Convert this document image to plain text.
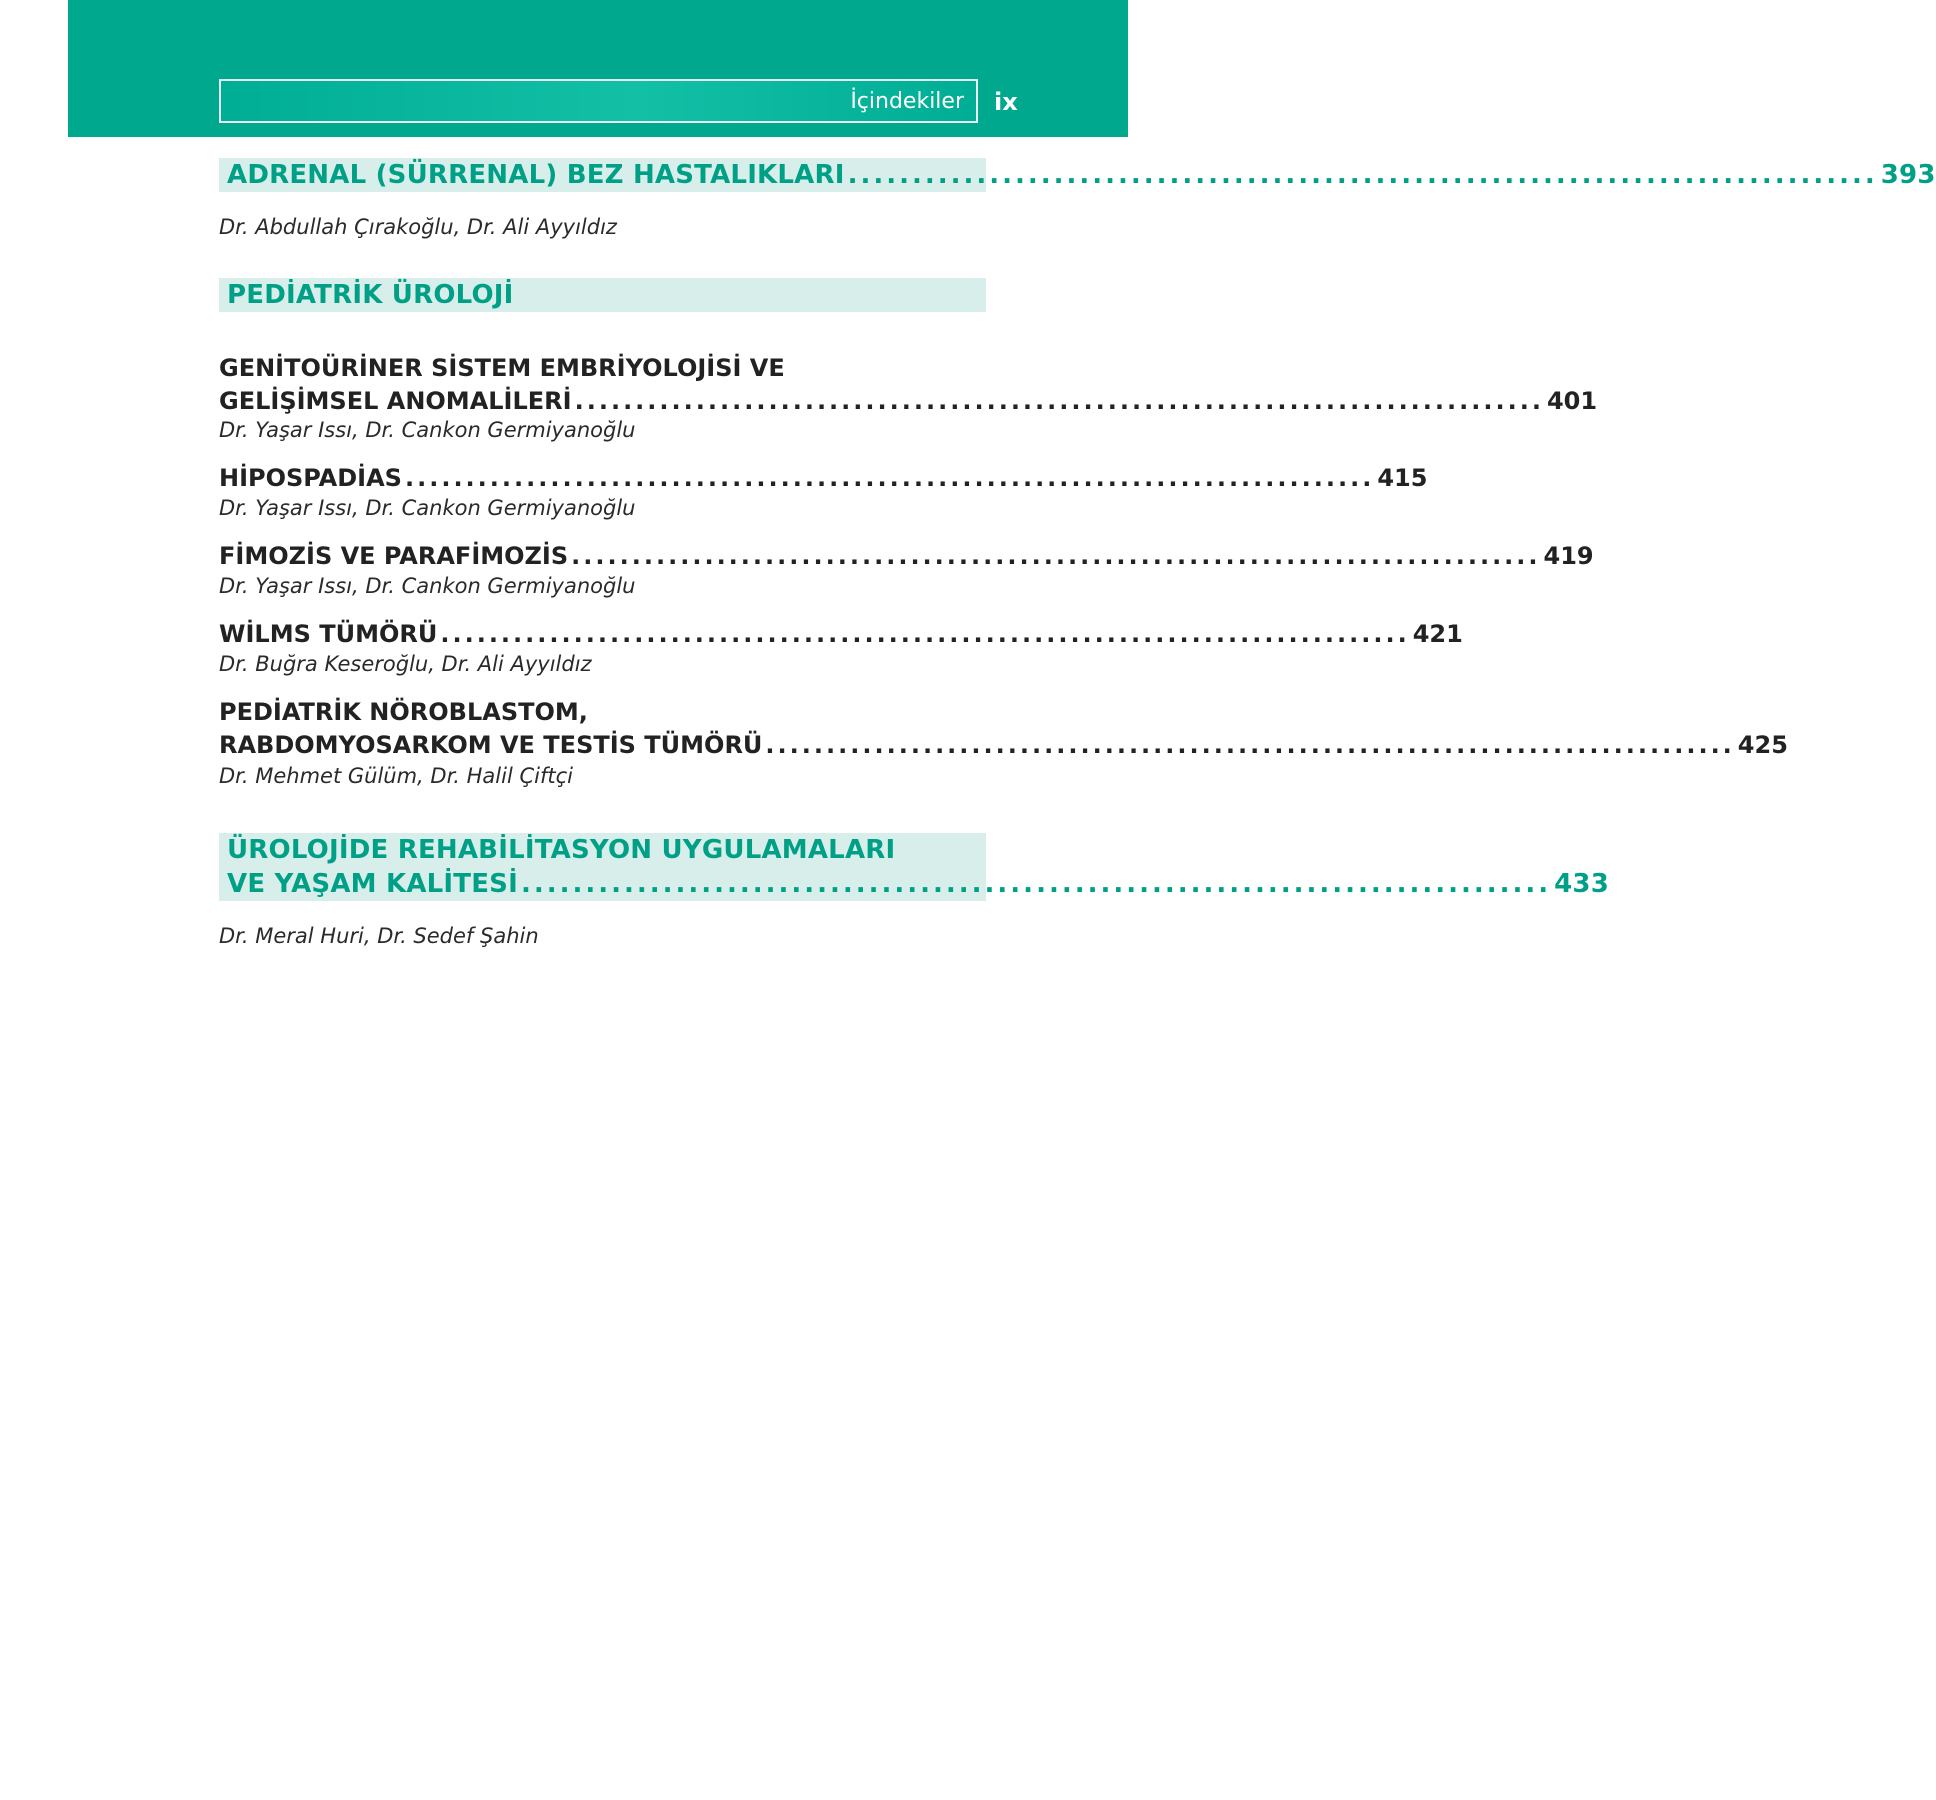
İçindekiler ix
ADRENAL (SÜRRENAL) BEZ HASTALIKLARI ................................................................................ 393
Dr. Abdullah Çırakoğlu, Dr. Ali Ayyıldız
PEDİATRİK ÜROLOJİ
GENİTOÜRİNER SİSTEM EMBRİYOLOJİSİ VE
GELİŞİMSEL ANOMALİLERİ ................................................................................ 401
Dr. Yaşar Issı, Dr. Cankon Germiyanoğlu
HİPOSPADİAS ................................................................................ 415
Dr. Yaşar Issı, Dr. Cankon Germiyanoğlu
FİMOZİS VE PARAFİMOZİS ................................................................................ 419
Dr. Yaşar Issı, Dr. Cankon Germiyanoğlu
WİLMS TÜMÖRÜ ................................................................................ 421
Dr. Buğra Keseroğlu, Dr. Ali Ayyıldız
PEDİATRİK NÖROBLASTOM,
RABDOMYOSARKOM VE TESTİS TÜMÖRÜ ................................................................................ 425
Dr. Mehmet Gülüm, Dr. Halil Çiftçi
ÜROLOJİDE REHABİLİTASYON UYGULAMALARI
VE YAŞAM KALİTESİ ................................................................................ 433
Dr. Meral Huri, Dr. Sedef Şahin
